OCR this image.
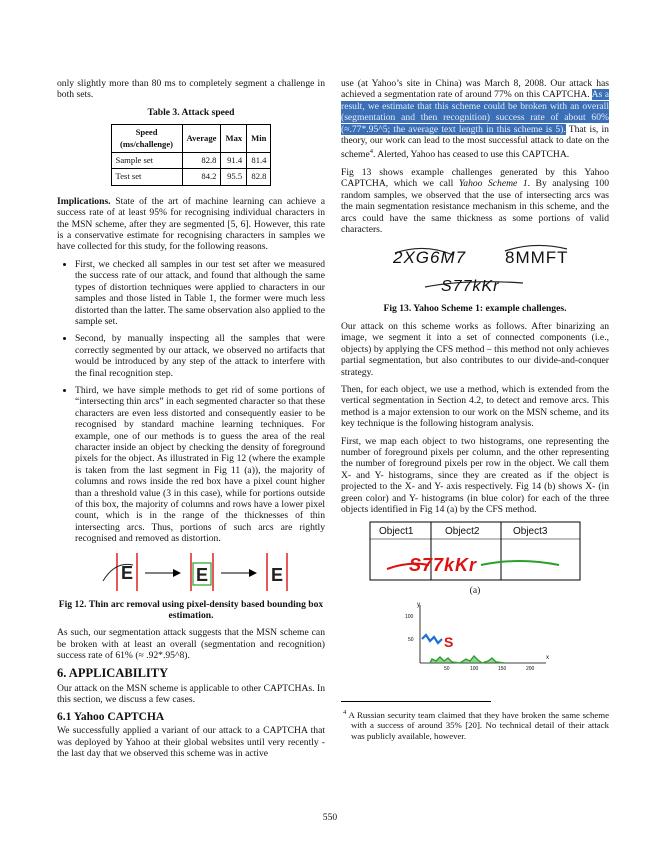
only slightly more than 80 ms to completely segment a challenge in both sets.

Table 3. Attack speed
Speed (ms/challenge)	Average	Max	Min
Sample set	82.8	91.4	81.4
Test set	84.2	95.5	82.8

Implications. State of the art of machine learning can achieve a success rate of at least 95% for recognising individual characters in the MSN scheme, after they are segmented [5, 6]. However, this rate is a conservative estimate for recognising characters in samples we have collected for this study, for the following reasons.

• First, we checked all samples in our test set after we measured the success rate of our attack, and found that although the same types of distortion techniques were applied to characters in our samples and those listed in Table 1, the former were much less distorted than the latter. The same observation also applied to the sample set.
• Second, by manually inspecting all the samples that were correctly segmented by our attack, we observed no artifacts that would be introduced by any step of the attack to interfere with the final recognition step.
• Third, we have simple methods to get rid of some portions of “intersecting thin arcs” in each segmented character so that these characters are even less distorted and consequently easier to be recognised by standard machine learning techniques. For example, one of our methods is to guess the area of the real character inside an object by checking the density of foreground pixels for the object. As illustrated in Fig 12 (where the example is taken from the last segment in Fig 11 (a)), the majority of columns and rows inside the red box have a pixel count higher than a threshold value (3 in this case), while for portions outside of this box, the majority of columns and rows have a lower pixel count, which is in the range of the thicknesses of thin intersecting arcs. Thus, portions of such arcs are rightly recognised and removed as distortion.
E	E	E
Fig 12. Thin arc removal using pixel-density based bounding box estimation.

As such, our segmentation attack suggests that the MSN scheme can be broken with at least an overall (segmentation and recognition) success rate of 61% (≈ .92*.95^8).

6. APPLICABILITY

Our attack on the MSN scheme is applicable to other CAPTCHAs. In this section, we discuss a few cases.

6.1 Yahoo CAPTCHA

We successfully applied a variant of our attack to a CAPTCHA that was deployed by Yahoo at their global websites until very recently - the last day that we observed this scheme was in active

use (at Yahoo’s site in China) was March 8, 2008. Our attack has achieved a segmentation rate of around 77% on this CAPTCHA. As a result, we estimate that this scheme could be broken with an overall (segmentation and then recognition) success rate of about 60% (≈.77*.95^5; the average text length in this scheme is 5). That is, in theory, our work can lead to the most successful attack to date on the scheme$^4$. Alerted, Yahoo has ceased to use this CAPTCHA.

Fig 13 shows example challenges generated by this Yahoo CAPTCHA, which we call Yahoo Scheme 1. By analysing 100 random samples, we observed that the use of intersecting arcs was the main segmentation resistance mechanism in this scheme, and the arcs could have the same thickness as some portions of valid characters.

2XG6M7 8MMFT
S77kKr
Fig 13. Yahoo Scheme 1: example challenges.

Our attack on this scheme works as follows. After binarizing an image, we segment it into a set of connected components (i.e., objects) by applying the CFS method – this method not only achieves partial segmentation, but also contributes to our divide-and-conquer strategy.

Then, for each object, we use a method, which is extended from the vertical segmentation in Section 4.2, to detect and remove arcs. This method is a major extension to our work on the MSN scheme, and its key technique is the following histogram analysis.

First, we map each object to two histograms, one representing the number of foreground pixels per column, and the other representing the number of foreground pixels per row in the object. We call them X- and Y- histograms, since they are created as if the object is projected to the X- and Y- axis respectively. Fig 14 (b) shows X- (in green color) and Y- histograms (in blue color) for each of the three objects identified in Fig 14 (a) by the CFS method.

Object1	Object2	Object3
S77kKr
(a)
y
x
100
50
50	100	150	200
S
$^4$ A Russian security team claimed that they have broken the same scheme with a success of around 35% [20]. No technical detail of their attack was publicly available, however.
550
